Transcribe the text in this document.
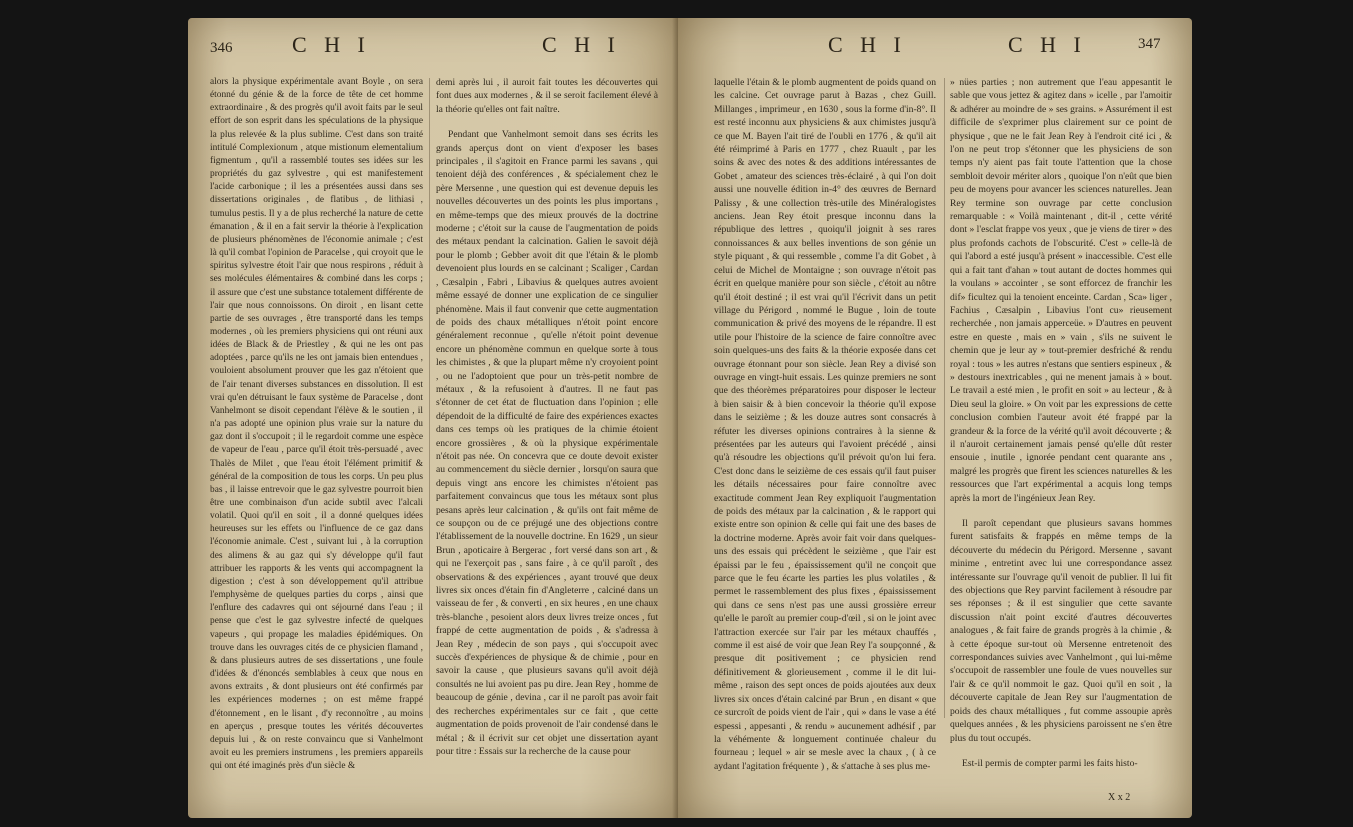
346	C H I	C H I

alors la physique expérimentale avant Boyle , on sera étonné du génie & de la force de tête de cet homme extraordinaire , & des progrès qu'il avoit faits par le seul effort de son esprit dans les spéculations de la physique la plus relevée & la plus sublime. C'est dans son traité intitulé Complexionum , atque mistionum elementalium figmentum , qu'il a rassemblé toutes ses idées sur les propriétés du gaz sylvestre , qui est manifestement l'acide carbonique ; il les a présentées aussi dans ses dissertations originales , de flatibus , de lithiasi , tumulus pestis. Il y a de plus recherché la nature de cette émanation , & il en a fait servir la théorie à l'explication de plusieurs phénomènes de l'économie animale ; c'est là qu'il combat l'opinion de Paracelse , qui croyoit que le spiritus sylvestre étoit l'air que nous respirons , réduit à ses molécules élémentaires & combiné dans les corps ; il assure que c'est une substance totalement différente de l'air que nous connoissons. On diroit , en lisant cette partie de ses ouvrages , être transporté dans les temps modernes , où les premiers physiciens qui ont réuni aux idées de Black & de Priestley , & qui ne les ont pas adoptées , parce qu'ils ne les ont jamais bien entendues , vouloient absolument prouver que les gaz n'étoient que de l'air tenant diverses substances en dissolution. Il est vrai qu'en détruisant le faux système de Paracelse , dont Vanhelmont se disoit cependant l'élève & le soutien , il n'a pas adopté une opinion plus vraie sur la nature du gaz dont il s'occupoit ; il le regardoit comme une espèce de vapeur de l'eau , parce qu'il étoit très-persuadé , avec Thalès de Milet , que l'eau étoit l'élément primitif & général de la composition de tous les corps. Un peu plus bas , il laisse entrevoir que le gaz sylvestre pourroit bien être une combinaison d'un acide subtil avec l'alcali volatil. Quoi qu'il en soit , il a donné quelques idées heureuses sur les effets ou l'influence de ce gaz dans l'économie animale. C'est , suivant lui , à la corruption des alimens & au gaz qui s'y développe qu'il faut attribuer les rapports & les vents qui accompagnent la digestion ; c'est à son développement qu'il attribue l'emphysème de quelques parties du corps , ainsi que l'enflure des cadavres qui ont séjourné dans l'eau ; il pense que c'est le gaz sylvestre infecté de quelques vapeurs , qui propage les maladies épidémiques. On trouve dans les ouvrages cités de ce physicien flamand , & dans plusieurs autres de ses dissertations , une foule d'idées & d'énoncés semblables à ceux que nous en avons extraits , & dont plusieurs ont été confirmés par les expériences modernes ; on est même frappé d'étonnement , en le lisant , d'y reconnoître , au moins en aperçus , presque toutes les vérités découvertes depuis lui , & on reste convaincu que si Vanhelmont avoit eu les premiers instrumens , les premiers appareils qui ont été imaginés près d'un siècle &

demi après lui , il auroit fait toutes les découvertes qui font dues aux modernes , & il se seroit facilement élevé à la théorie qu'elles ont fait naître.

Pendant que Vanhelmont semoit dans ses écrits les grands aperçus dont on vient d'exposer les bases principales , il s'agitoit en France parmi les savans , qui tenoient déjà des conférences , & spécialement chez le père Mersenne , une question qui est devenue depuis les nouvelles découvertes un des points les plus importans , en même-temps que des mieux prouvés de la doctrine moderne ; c'étoit sur la cause de l'augmentation de poids des métaux pendant la calcination. Galien le savoit déjà pour le plomb ; Gebber avoit dit que l'étain & le plomb devenoient plus lourds en se calcinant ; Scaliger , Cardan , Cæsalpin , Fabri , Libavius & quelques autres avoient même essayé de donner une explication de ce singulier phénomène. Mais il faut convenir que cette augmentation de poids des chaux métalliques n'étoit point encore généralement reconnue , qu'elle n'étoit point devenue encore un phénomène commun en quelque sorte à tous les chimistes , & que la plupart même n'y croyoient point , ou ne l'adoptoient que pour un très-petit nombre de métaux , & la refusoient à d'autres. Il ne faut pas s'étonner de cet état de fluctuation dans l'opinion ; elle dépendoit de la difficulté de faire des expériences exactes dans ces temps où les pratiques de la chimie étoient encore grossières , & où la physique expérimentale n'étoit pas née. On concevra que ce doute devoit exister au commencement du siècle dernier , lorsqu'on saura que depuis vingt ans encore les chimistes n'étoient pas parfaitement convaincus que tous les métaux sont plus pesans après leur calcination , & qu'ils ont fait même de ce soupçon ou de ce préjugé une des objections contre l'établissement de la nouvelle doctrine. En 1629 , un sieur Brun , apoticaire à Bergerac , fort versé dans son art , & qui ne l'exerçoit pas , sans faire , à ce qu'il paroît , des observations & des expériences , ayant trouvé que deux livres six onces d'étain fin d'Angleterre , calciné dans un vaisseau de fer , & converti , en six heures , en une chaux très-blanche , pesoient alors deux livres treize onces , fut frappé de cette augmentation de poids , & s'adressa à Jean Rey , médecin de son pays , qui s'occupoit avec succès d'expériences de physique & de chimie , pour en savoir la cause , que plusieurs savans qu'il avoit déjà consultés ne lui avoient pas pu dire. Jean Rey , homme de beaucoup de génie , devina , car il ne paroît pas avoir fait des recherches expérimentales sur ce fait , que cette augmentation de poids provenoit de l'air condensé dans le métal ; & il écrivit sur cet objet une dissertation ayant pour titre : Essais sur la recherche de la cause pour

C H I	C H I	347

laquelle l'étain & le plomb augmentent de poids quand on les calcine. Cet ouvrage parut à Bazas , chez Guill. Millanges , imprimeur , en 1630 , sous la forme d'in-8°. Il est resté inconnu aux physiciens & aux chimistes jusqu'à ce que M. Bayen l'ait tiré de l'oubli en 1776 , & qu'il ait été réimprimé à Paris en 1777 , chez Ruault , par les soins & avec des notes & des additions intéressantes de Gobet , amateur des sciences très-éclairé , à qui l'on doit aussi une nouvelle édition in-4° des œuvres de Bernard Palissy , & une collection très-utile des Minéralogistes anciens. Jean Rey étoit presque inconnu dans la république des lettres , quoiqu'il joignit à ses rares connoissances & aux belles inventions de son génie un style piquant , & qui ressemble , comme l'a dit Gobet , à celui de Michel de Montaigne ; son ouvrage n'étoit pas écrit en quelque manière pour son siècle , c'étoit au nôtre qu'il étoit destiné ; il est vrai qu'il l'écrivit dans un petit village du Périgord , nommé le Bugue , loin de toute communication & privé des moyens de le répandre. Il est utile pour l'histoire de la science de faire connoître avec soin quelques-uns des faits & la théorie exposée dans cet ouvrage étonnant pour son siècle. Jean Rey a divisé son ouvrage en vingt-huit essais. Les quinze premiers ne sont que des théorèmes préparatoires pour disposer le lecteur à bien saisir & à bien concevoir la théorie qu'il expose dans le seizième ; & les douze autres sont consacrés à réfuter les diverses opinions contraires à la sienne & présentées par les auteurs qui l'avoient précédé , ainsi qu'à résoudre les objections qu'il prévoit qu'on lui fera. C'est donc dans le seizième de ces essais qu'il faut puiser les détails nécessaires pour faire connoître avec exactitude comment Jean Rey expliquoit l'augmentation de poids des métaux par la calcination , & le rapport qui existe entre son opinion & celle qui fait une des bases de la doctrine moderne. Après avoir fait voir dans quelques-uns des essais qui précèdent le seizième , que l'air est épaissi par le feu , épaississement qu'il ne conçoit que parce que le feu écarte les parties les plus volatiles , & permet le rassemblement des plus fixes , épaississement qui dans ce sens n'est pas une aussi grossière erreur qu'elle le paroît au premier coup-d'œil , si on le joint avec l'attraction exercée sur l'air par les métaux chauffés , comme il est aisé de voir que Jean Rey l'a soupçonné , & presque dit positivement ; ce physicien rend définitivement & glorieusement , comme il le dit lui-même , raison des sept onces de poids ajoutées aux deux livres six onces d'étain calciné par Brun , en disant « que ce surcroît de poids vient de l'air , qui » dans le vase a été espessi , appesanti , & rendu » aucunement adhésif , par la véhémente & longuement continuée chaleur du fourneau ; lequel » air se mesle avec la chaux , ( à ce aydant l'agitation fréquente ) , & s'attache à ses plus me-

» nües parties ; non autrement que l'eau appesantit le sable que vous jettez & agitez dans » icelle , par l'amoitir & adhérer au moindre de » ses grains. » Assurément il est difficile de s'exprimer plus clairement sur ce point de physique , que ne le fait Jean Rey à l'endroit cité ici , & l'on ne peut trop s'étonner que les physiciens de son temps n'y aient pas fait toute l'attention que la chose sembloit devoir mériter alors , quoique l'on n'eût que bien peu de moyens pour avancer les sciences naturelles. Jean Rey termine son ouvrage par cette conclusion remarquable : « Voilà maintenant , dit-il , cette vérité dont » l'esclat frappe vos yeux , que je viens de tirer » des plus profonds cachots de l'obscurité. C'est » celle-là de qui l'abord a esté jusqu'à présent » inaccessible. C'est elle qui a fait tant d'ahan » tout autant de doctes hommes qui la voulans » accointer , se sont efforcez de franchir les dif» ficultez qui la tenoient enceinte. Cardan , Sca» liger , Fachius , Cæsalpin , Libavius l'ont cu» rieusement recherchée , non jamais apperceüe. » D'autres en peuvent estre en queste , mais en » vain , s'ils ne suivent le chemin que je leur ay » tout-premier desfriché & rendu royal : tous » les autres n'estans que sentiers espineux , & » destours inextricables , qui ne menent jamais à » bout. Le travail a esté mien , le profit en soit » au lecteur , & à Dieu seul la gloire. » On voit par les expressions de cette conclusion combien l'auteur avoit été frappé par la grandeur & la force de la vérité qu'il avoit découverte ; & il n'auroit certainement jamais pensé qu'elle dût rester ensouie , inutile , ignorée pendant cent quarante ans , malgré les progrès que firent les sciences naturelles & les ressources que l'art expérimental a acquis long temps après la mort de l'ingénieux Jean Rey.

Il paroît cependant que plusieurs savans hommes furent satisfaits & frappés en même temps de la découverte du médecin du Périgord. Mersenne , savant minime , entretint avec lui une correspondance assez intéressante sur l'ouvrage qu'il venoit de publier. Il lui fit des objections que Rey parvint facilement à résoudre par ses réponses ; & il est singulier que cette savante discussion n'ait point excité d'autres découvertes analogues , & fait faire de grands progrès à la chimie , & à cette époque sur-tout où Mersenne entretenoit des correspondances suivies avec Vanhelmont , qui lui-même s'occupoit de rassembler une foule de vues nouvelles sur l'air & ce qu'il nommoit le gaz. Quoi qu'il en soit , la découverte capitale de Jean Rey sur l'augmentation de poids des chaux métalliques , fut comme assoupie après quelques années , & les physiciens paroissent ne s'en être plus du tout occupés.

Est-il permis de compter parmi les faits histo-

X x 2
